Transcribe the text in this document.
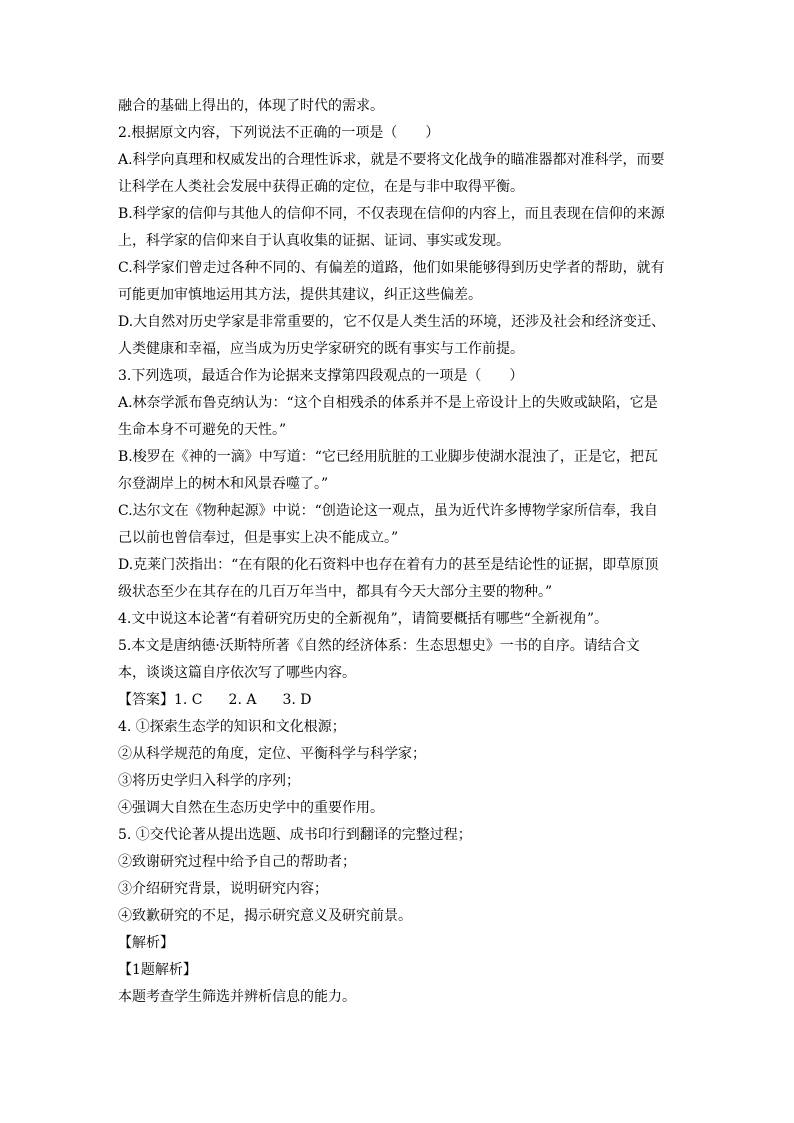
融合的基础上得出的，体现了时代的需求。
2.根据原文内容，下列说法不正确的一项是（　　）
A.科学向真理和权威发出的合理性诉求，就是不要将文化战争的瞄准器都对准科学，而要
让科学在人类社会发展中获得正确的定位，在是与非中取得平衡。
B.科学家的信仰与其他人的信仰不同，不仅表现在信仰的内容上，而且表现在信仰的来源
上，科学家的信仰来自于认真收集的证据、证词、事实或发现。
C.科学家们曾走过各种不同的、有偏差的道路，他们如果能够得到历史学者的帮助，就有
可能更加审慎地运用其方法，提供其建议，纠正这些偏差。
D.大自然对历史学家是非常重要的，它不仅是人类生活的环境，还涉及社会和经济变迁、
人类健康和幸福，应当成为历史学家研究的既有事实与工作前提。
3.下列选项，最适合作为论据来支撑第四段观点的一项是（　　）
A.林奈学派布鲁克纳认为：“这个自相残杀的体系并不是上帝设计上的失败或缺陷，它是
生命本身不可避免的天性。”
B.梭罗在《神的一滴》中写道：“它已经用肮脏的工业脚步使湖水混浊了，正是它，把瓦
尔登湖岸上的树木和风景吞噬了。”
C.达尔文在《物种起源》中说：“创造论这一观点，虽为近代许多博物学家所信奉，我自
己以前也曾信奉过，但是事实上决不能成立。”
D.克莱门茨指出：“在有限的化石资料中也存在着有力的甚至是结论性的证据，即草原顶
级状态至少在其存在的几百万年当中，都具有今天大部分主要的物种。”
4.文中说这本论著“有着研究历史的全新视角”，请简要概括有哪些“全新视角”。
5.本文是唐纳德·沃斯特所著《自然的经济体系：生态思想史》一书的自序。请结合文
本，谈谈这篇自序依次写了哪些内容。
【答案】1. C 2. A 3. D
4. ①探索生态学的知识和文化根源；
②从科学规范的角度，定位、平衡科学与科学家；
③将历史学归入科学的序列；
④强调大自然在生态历史学中的重要作用。
5. ①交代论著从提出选题、成书印行到翻译的完整过程；
②致谢研究过程中给予自己的帮助者；
③介绍研究背景，说明研究内容；
④致歉研究的不足，揭示研究意义及研究前景。
【解析】
【1题解析】
本题考查学生筛选并辨析信息的能力。
